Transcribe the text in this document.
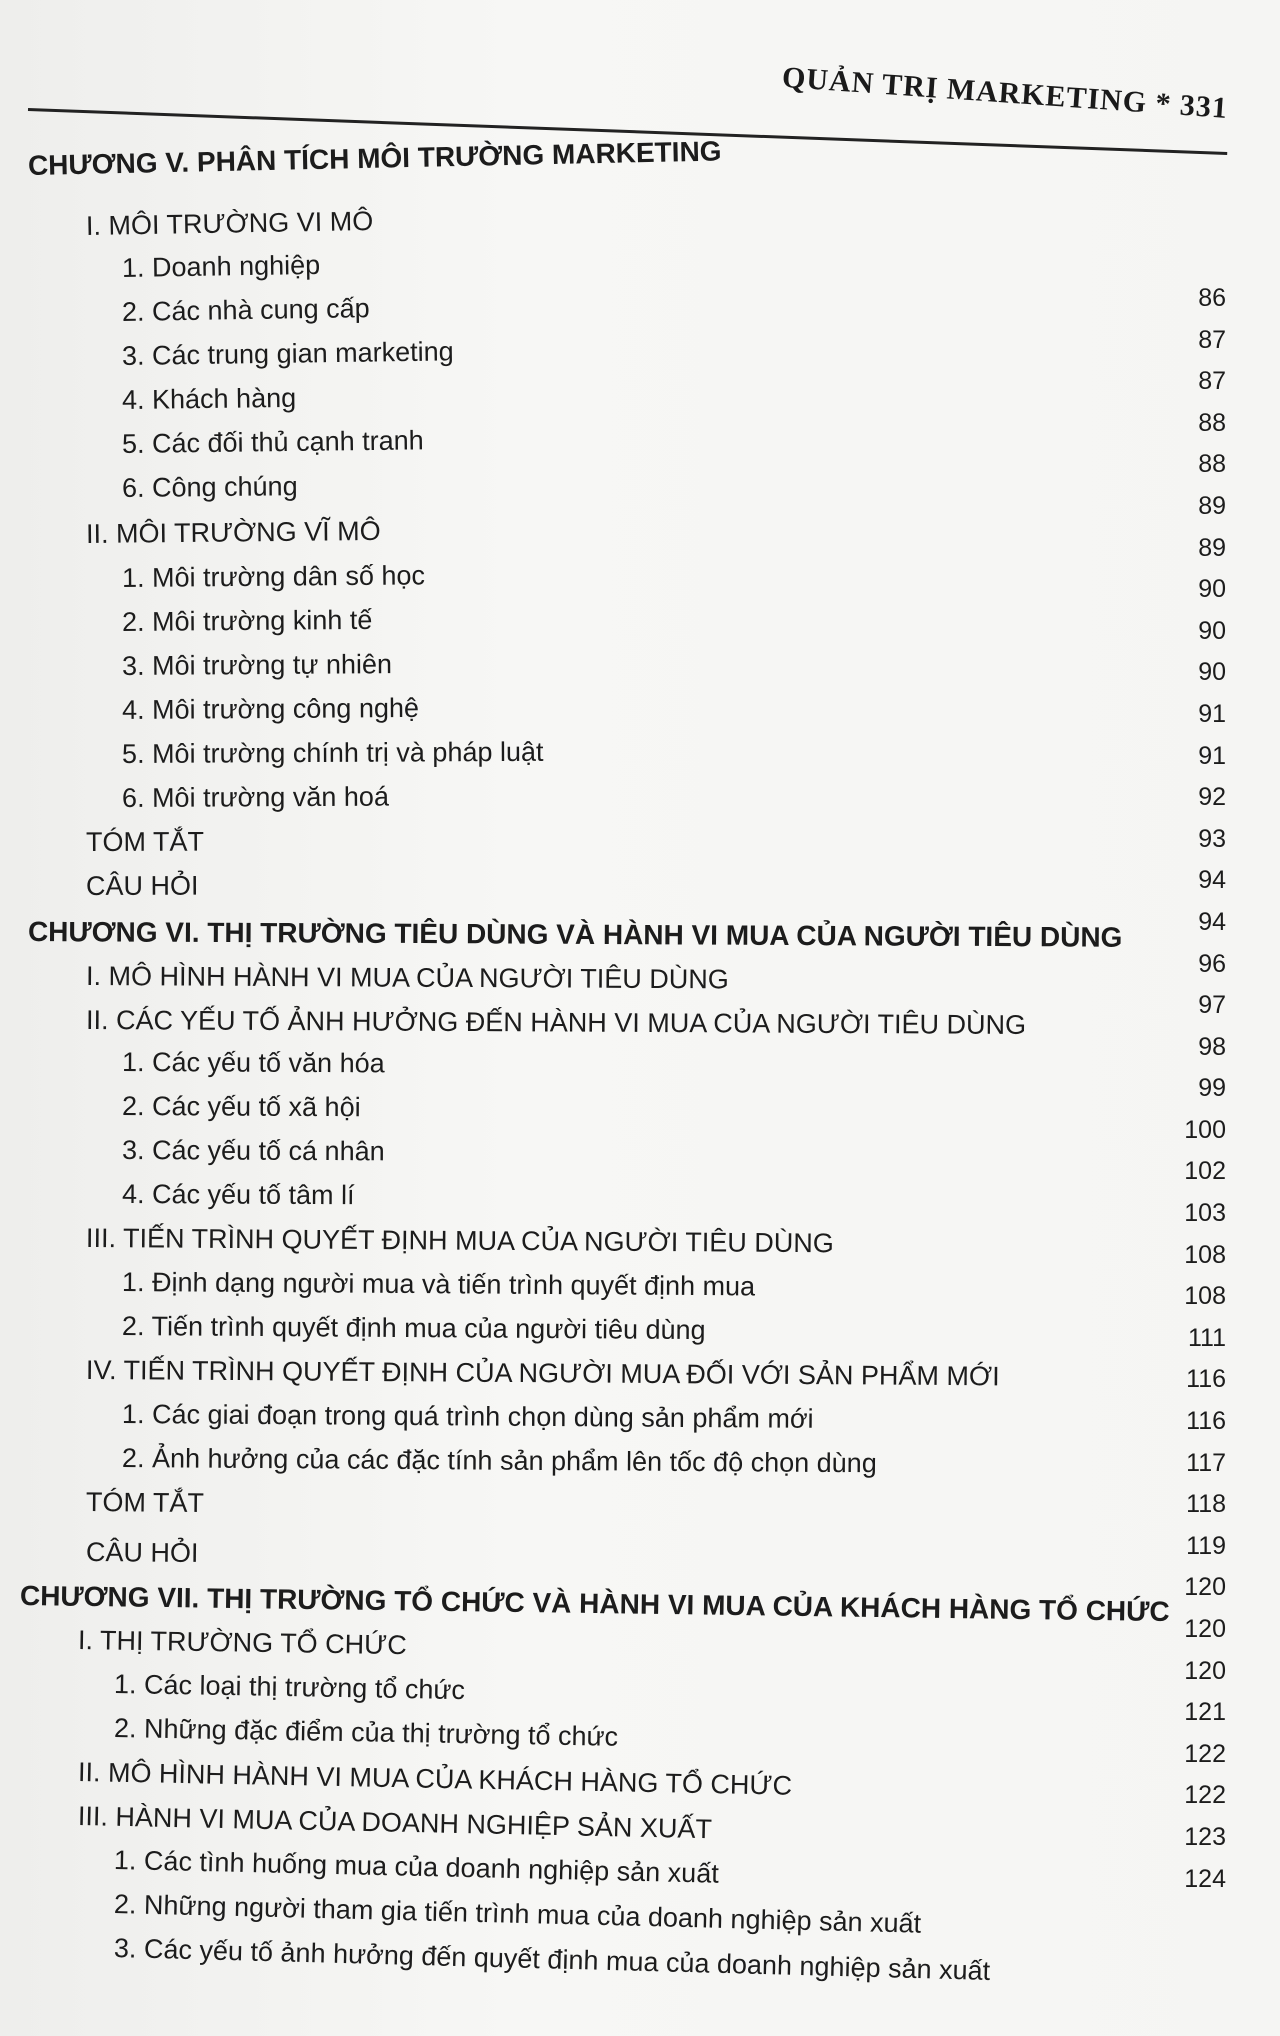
QUẢN TRỊ MARKETING * 331
CHƯƠNG V. PHÂN TÍCH MÔI TRƯỜNG MARKETING
I. MÔI TRƯỜNG VI MÔ
1. Doanh nghiệp
2. Các nhà cung cấp
3. Các trung gian marketing
4. Khách hàng
5. Các đối thủ cạnh tranh
6. Công chúng
II. MÔI TRƯỜNG VĨ MÔ
1. Môi trường dân số học
2. Môi trường kinh tế
3. Môi trường tự nhiên
4. Môi trường công nghệ
5. Môi trường chính trị và pháp luật
6. Môi trường văn hoá
TÓM TẮT
CÂU HỎI
CHƯƠNG VI. THỊ TRƯỜNG TIÊU DÙNG VÀ HÀNH VI MUA CỦA NGƯỜI TIÊU DÙNG
I. MÔ HÌNH HÀNH VI MUA CỦA NGƯỜI TIÊU DÙNG
II. CÁC YẾU TỐ ẢNH HƯỞNG ĐẾN HÀNH VI MUA CỦA NGƯỜI TIÊU DÙNG
1. Các yếu tố văn hóa
2. Các yếu tố xã hội
3. Các yếu tố cá nhân
4. Các yếu tố tâm lí
III. TIẾN TRÌNH QUYẾT ĐỊNH MUA CỦA NGƯỜI TIÊU DÙNG
1. Định dạng người mua và tiến trình quyết định mua
2. Tiến trình quyết định mua của người tiêu dùng
IV. TIẾN TRÌNH QUYẾT ĐỊNH CỦA NGƯỜI MUA ĐỐI VỚI SẢN PHẨM MỚI
1. Các giai đoạn trong quá trình chọn dùng sản phẩm mới
2. Ảnh hưởng của các đặc tính sản phẩm lên tốc độ chọn dùng
TÓM TẮT
CÂU HỎI
CHƯƠNG VII. THỊ TRƯỜNG TỔ CHỨC VÀ HÀNH VI MUA CỦA KHÁCH HÀNG TỔ CHỨC
I. THỊ TRƯỜNG TỔ CHỨC
1. Các loại thị trường tổ chức
2. Những đặc điểm của thị trường tổ chức
II. MÔ HÌNH HÀNH VI MUA CỦA KHÁCH HÀNG TỔ CHỨC
III. HÀNH VI MUA CỦA DOANH NGHIỆP SẢN XUẤT
1. Các tình huống mua của doanh nghiệp sản xuất
2. Những người tham gia tiến trình mua của doanh nghiệp sản xuất
3. Các yếu tố ảnh hưởng đến quyết định mua của doanh nghiệp sản xuất
86
87
87
88
88
89
89
90
90
90
91
91
92
93
94
94
96
97
98
99
100
102
103
108
108
111
116
116
117
118
119
120
120
120
121
122
122
123
124
